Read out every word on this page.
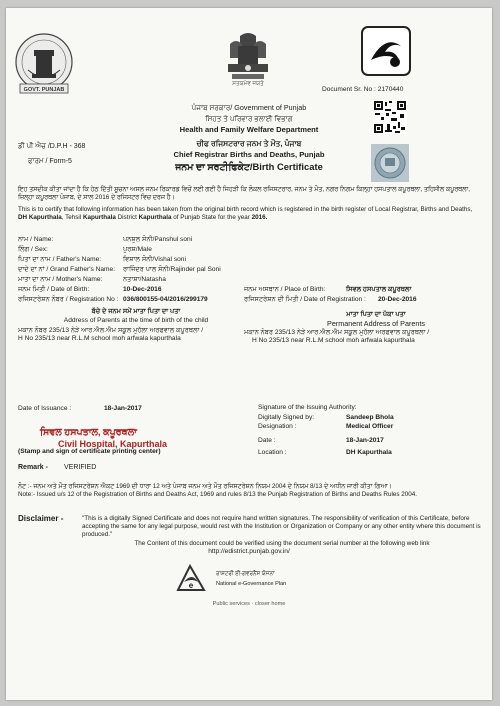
GOVT. PUNJAB
ਸਤਯਮੇਵ ਜਯਤੇ
Document Sr. No : 2170440
ਪੰਜਾਬ ਸਰਕਾਰ/ Government of Punjab
ਸਿਹਤ ਤੇ ਪਰਿਵਾਰ ਭਲਾਈ ਵਿਭਾਗ
Health and Family Welfare Department
ਚੀਫ ਰਜਿਸਟਰਾਰ ਜਨਮ ਤੇ ਮੌਤ, ਪੰਜਾਬ
Chief Registrar Births and Deaths, Punjab
ਜਨਮ ਦਾ ਸਰਟੀਫਿਕੇਟ/Birth Certificate
ਡੀ ਪੀ ਐਚ /D.P.H - 368
ਫਾਰਮ / Form-5
ਇਹ ਤਸਦੀਕ ਕੀਤਾ ਜਾਂਦਾ ਹੈ ਕਿ ਹੇਠ ਦਿੱਤੀ ਸੂਚਨਾ ਅਸਲ ਜਨਮ ਰਿਕਾਰਡ ਵਿਚੋਂ ਲਈ ਗਈ ਹੈ ਜਿਹੜੀ ਕਿ ਲੋਕਲ ਰਜਿਸਟਰਾਰ, ਜਨਮ ਤੇ ਮੌਤ, ਨਗਰ ਨਿਗਮ ਕਿਲ੍ਹਾ ਹਸਪਤਾਲ ਕਪੂਰਥਲਾ, ਤਹਿਸੀਲ ਕਪੂਰਥਲਾ, ਜ਼ਿਲ੍ਹਾ ਕਪੂਰਥਲਾ ਪੰਜਾਬ, ਦੇ ਸਾਲ 2016 ਦੇ ਰਜਿਸਟਰ ਵਿਚ ਦਰਜ ਹੈ।
This is to certify that following information has been taken from the original birth record which is registered in the birth register of Local Registrar, Births and Deaths, DH Kapurthala, Tehsil Kapurthala District Kapurthala of Punjab State for the year 2016.
ਨਾਮ / Name:	ਪਨਸ਼ੁਲ ਸੋਨੀ/Panshul soni
ਲਿੰਗ / Sex:	ਪੁਰਸ਼/Male
ਪਿਤਾ ਦਾ ਨਾਮ / Father's Name:	ਵਿਸ਼ਾਲ ਸੋਨੀ/Vishal soni
ਦਾਦੇ ਦਾ ਨਾਂ / Grand Father's Name: ਰਾਜਿੰਦਰ ਪਾਲ ਸੋਨੀ/Rajinder pal Soni
ਮਾਤਾ ਦਾ ਨਾਮ / Mother's Name:	ਨਤਾਸ਼ਾ/Natasha
ਜਨਮ ਮਿਤੀ / Date of Birth:	10-Dec-2016	ਜਨਮ ਅਸਥਾਨ / Place of Birth:	ਸਿਵਲ ਹਸਪਤਾਲ ਕਪੂਰਥਲਾ
ਰਜਿਸਟਰੇਸ਼ਨ ਨੰਬਰ / Registration No : 036/800155-04/2016/299179	ਰਜਿਸਟਰੇਸ਼ਨ ਦੀ ਮਿਤੀ / Date of Registration : 20-Dec-2016
ਬੱਚੇ ਦੇ ਜਨਮ ਸਮੇਂ ਮਾਤਾ ਪਿਤਾ ਦਾ ਪਤਾ
Address of Parents at the time of birth of the child
ਮਕਾਨ ਨੰਬਰ 235/13 ਨੇੜੇ ਆਰ.ਐਲ.ਐਮ ਸਕੂਲ ਮੁਹੱਲਾ ਅਰਫਵਾਲ ਕਪੂਰਥਲਾ /
H No 235/13 near R.L.M school moh arfwala kapurthala
ਮਾਤਾ ਪਿਤਾ ਦਾ ਪੱਕਾ ਪਤਾ
Permanent Address of Parents
ਮਕਾਨ ਨੰਬਰ 235/13 ਨੇੜੇ ਆਰ.ਐਲ.ਐਮ ਸਕੂਲ ਮੁਹੱਲਾ ਅਰਫਵਾਲ ਕਪੂਰਥਲਾ /
H No 235/13 near R.L.M school moh arfwala kapurthala
Date of Issuance :	18-Jan-2017
ਸਿਵਲ ਹਸਪਤਾਲ, ਕਪੂਰਥਲਾ
Civil Hospital, Kapurthala
(Stamp and sign of certificate printing center)
Remark - VERIFIED
Signature of the Issuing Authority:
Digitally Signed by:	Sandeep Bhola
Designation :	Medical Officer
Date :	18-Jan-2017
Location :	DH Kapurthala
ਨੋਟ :- ਜਨਮ ਅਤੇ ਮੌਤ ਰਜਿਸਟਰੇਸ਼ਨ ਐਕਟ 1969 ਦੀ ਧਾਰਾ 12 ਅਤੇ ਪੰਜਾਬ ਜਨਮ ਅਤੇ ਮੌਤ ਰਜਿਸਟਰੇਸ਼ਨ ਨਿਯਮ 2004 ਦੇ ਨਿਯਮ 8/13 ਦੇ ਅਧੀਨ ਜਾਰੀ ਕੀਤਾ ਗਿਆ।
Note:- Issued u/s 12 of the Registration of Births and Deaths Act, 1969 and rules 8/13 the Punjab Registration of Births and Deaths Rules 2004.
Disclaimer -	"This is a digitally Signed Certificate and does not require hand written signatures. The responsibility of verification of this Certificate, before accepting the same for any legal purpose, would rest with the Institution or Organization or Company or any other entity where this document is produced."
The Content of this document could be verified using the document serial number at the following web link
http://edistrict.punjab.gov.in/
e
ਰਾਸ਼ਟਰੀ ਈ-ਗਵਰਨੈਂਸ ਯੋਜਨਾ
National e-Governance Plan
Public services · closer home
